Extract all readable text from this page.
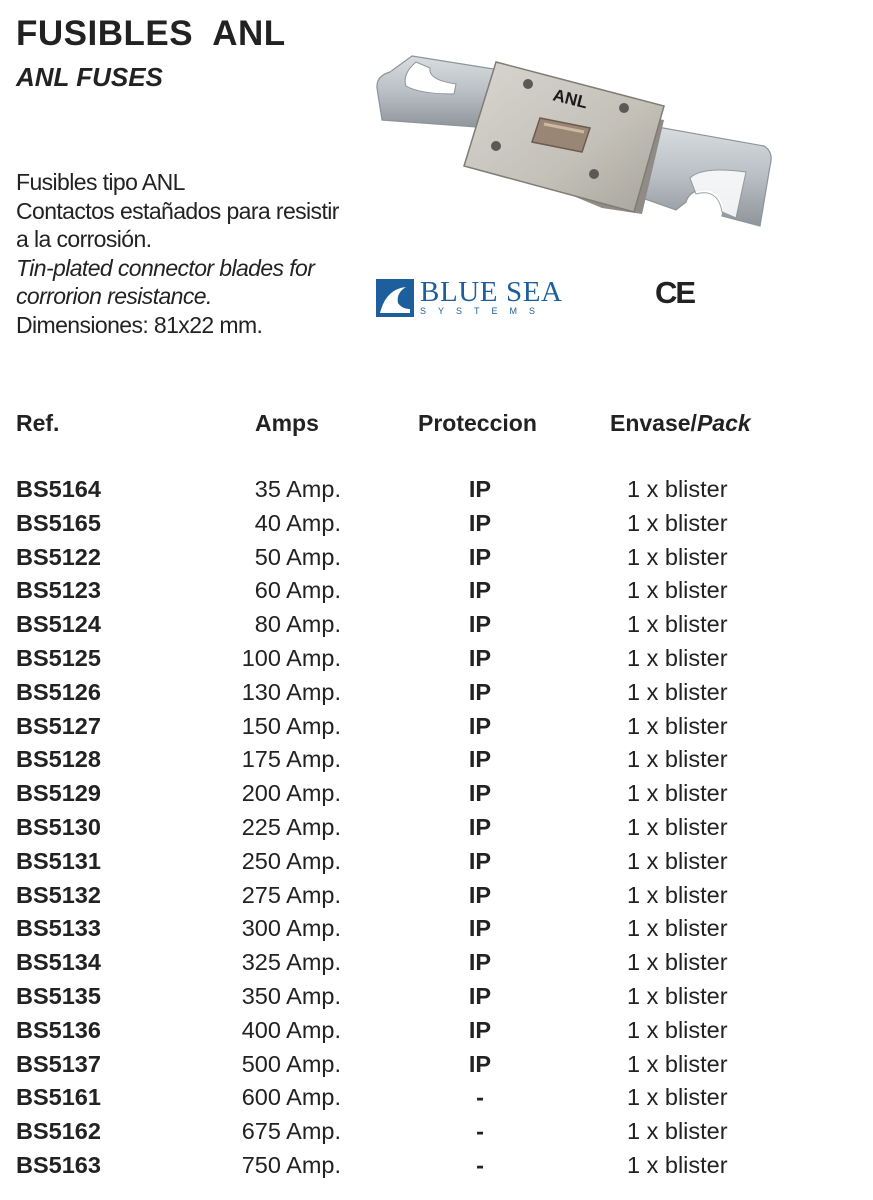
FUSIBLES  ANL
ANL FUSES
Fusibles tipo ANL
Contactos estañados para resistir
a la corrosión.
Tin-plated connector blades for
corrorion resistance.
Dimensiones: 81x22 mm.
ANL
BLUE SEA
SYSTEMS
CE
Ref.	Amps	Proteccion	Envase/Pack
BS5164	35 Amp.	IP	1 x blister
BS5165	40 Amp.	IP	1 x blister
BS5122	50 Amp.	IP	1 x blister
BS5123	60 Amp.	IP	1 x blister
BS5124	80 Amp.	IP	1 x blister
BS5125	100 Amp.	IP	1 x blister
BS5126	130 Amp.	IP	1 x blister
BS5127	150 Amp.	IP	1 x blister
BS5128	175 Amp.	IP	1 x blister
BS5129	200 Amp.	IP	1 x blister
BS5130	225 Amp.	IP	1 x blister
BS5131	250 Amp.	IP	1 x blister
BS5132	275 Amp.	IP	1 x blister
BS5133	300 Amp.	IP	1 x blister
BS5134	325 Amp.	IP	1 x blister
BS5135	350 Amp.	IP	1 x blister
BS5136	400 Amp.	IP	1 x blister
BS5137	500 Amp.	IP	1 x blister
BS5161	600 Amp.	-	1 x blister
BS5162	675 Amp.	-	1 x blister
BS5163	750 Amp.	-	1 x blister
